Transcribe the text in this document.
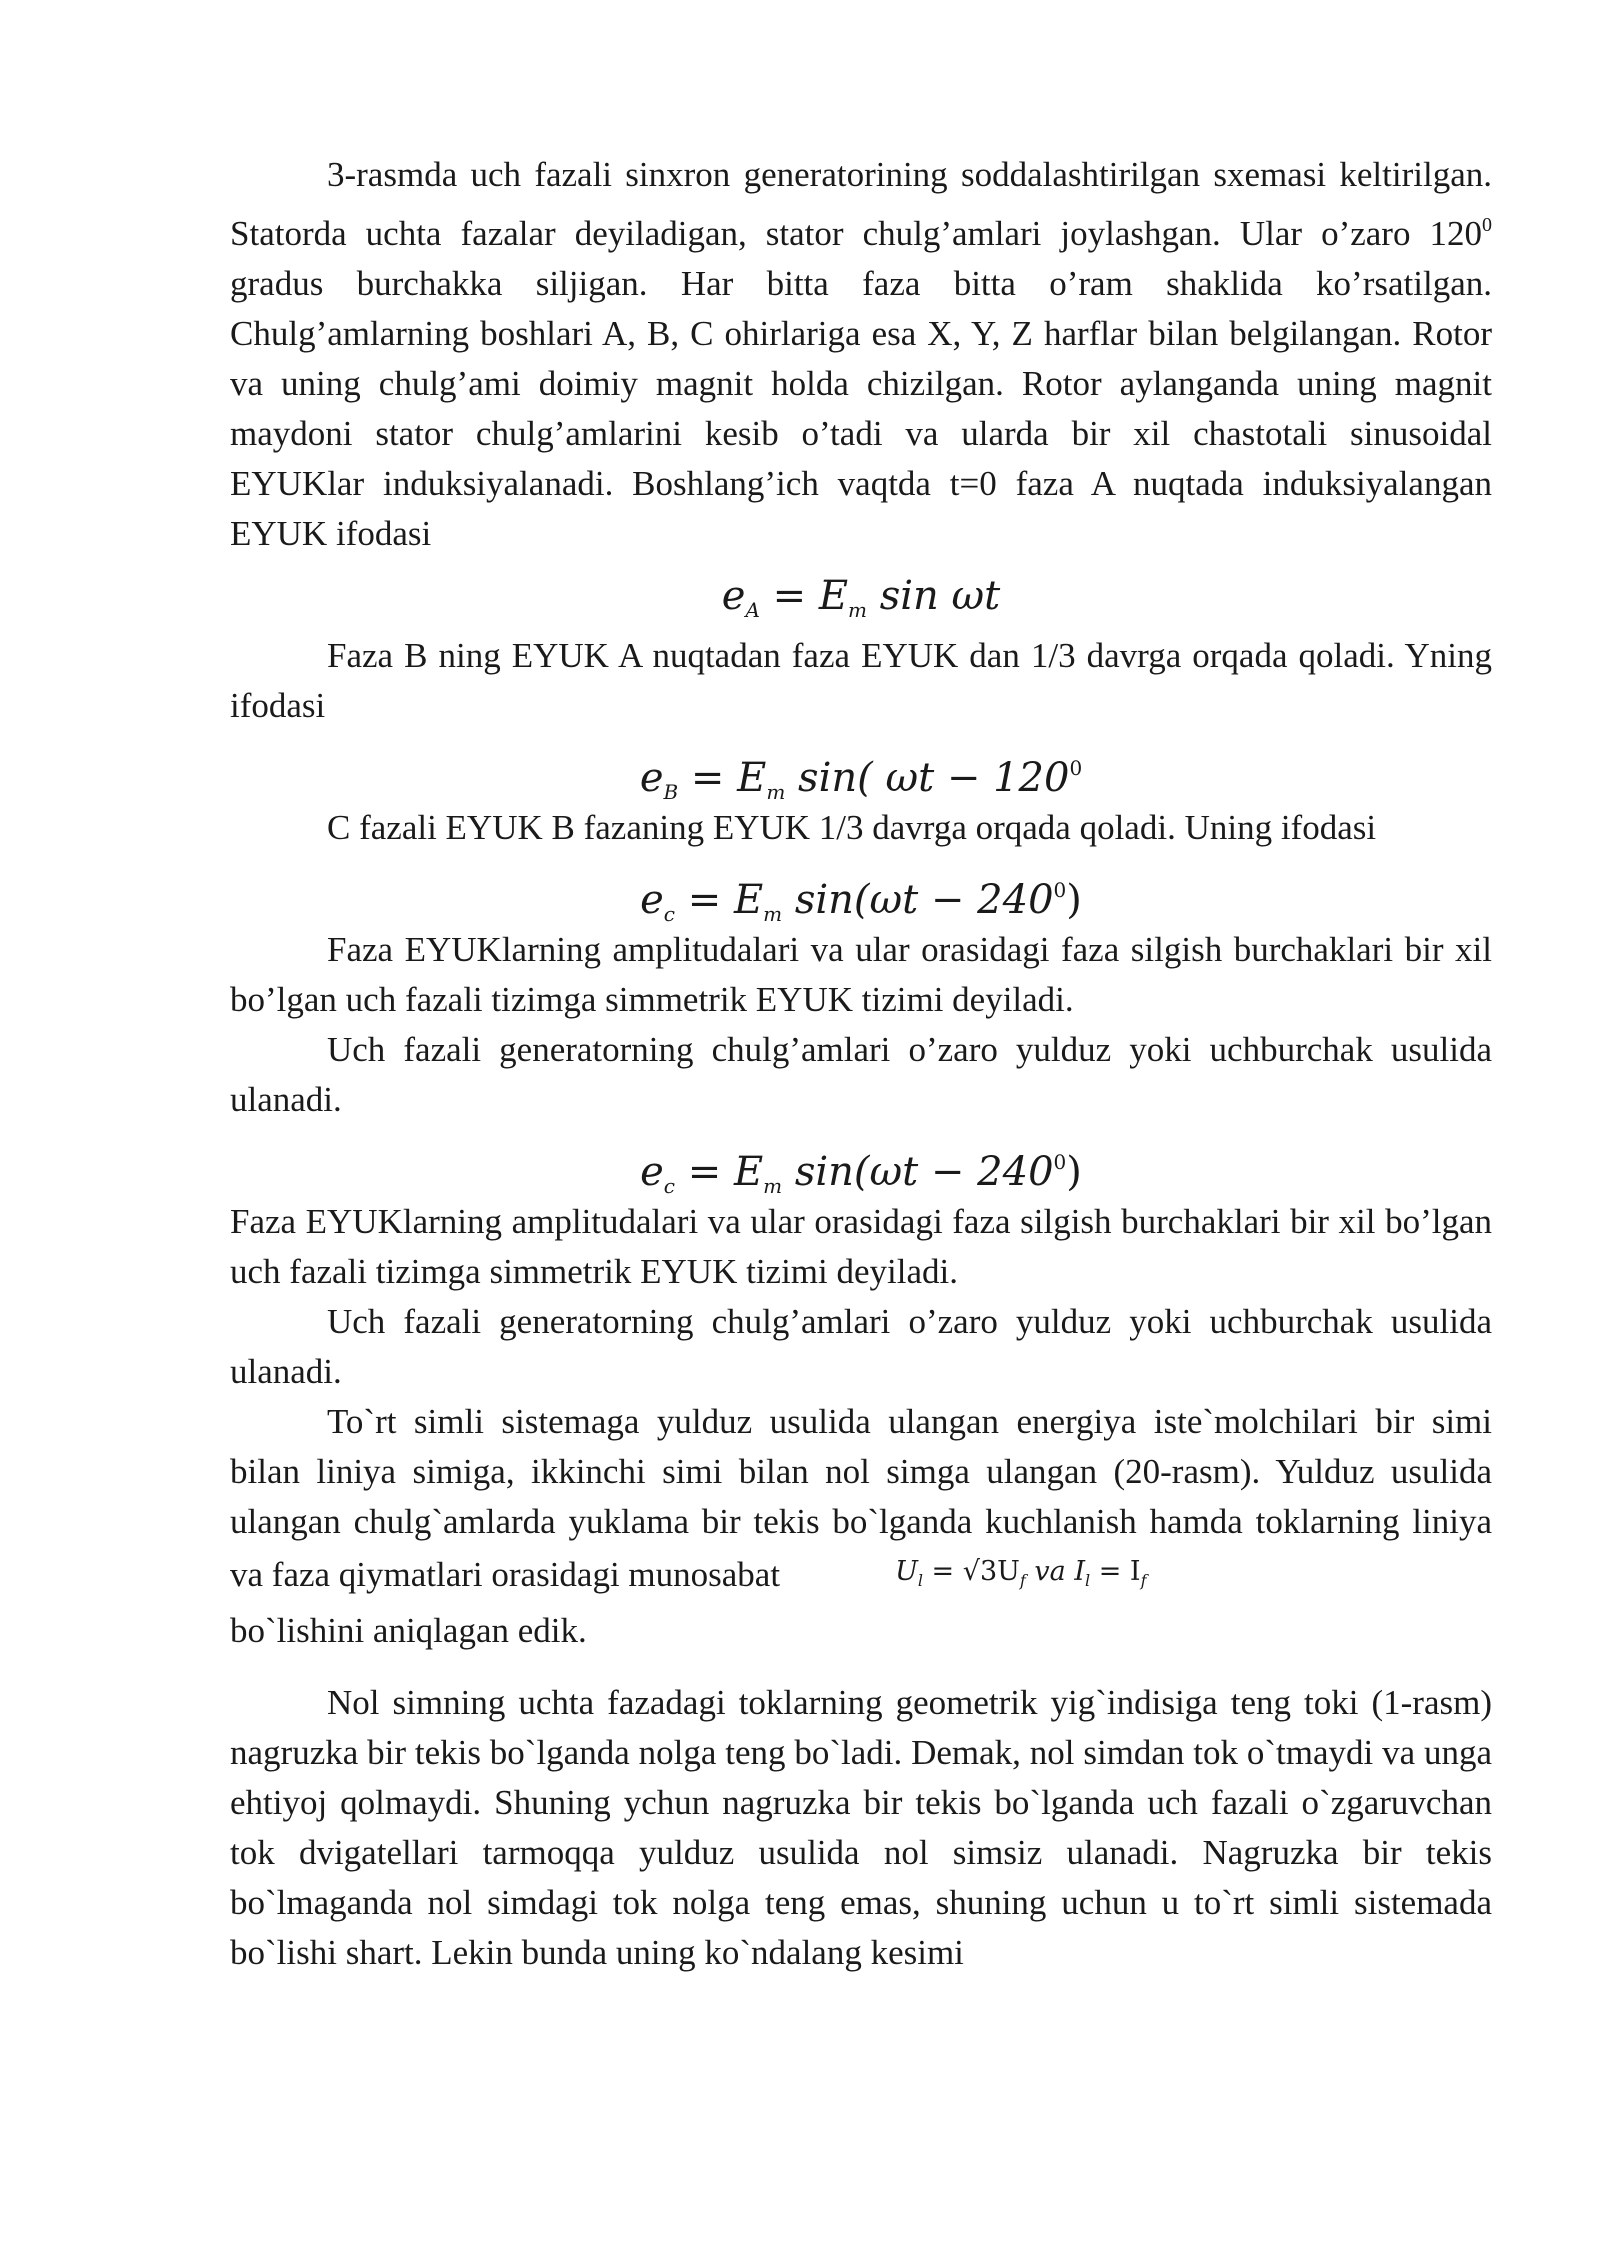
3-rasmda uch fazali sinxron generatorining soddalashtirilgan sxemasi keltirilgan. Statorda uchta fazalar deyiladigan, stator chulg’amlari joylashgan. Ular o’zaro $120^0$ gradus burchakka siljigan. Har bitta faza bitta o’ram shaklida ko’rsatilgan. Chulg’amlarning boshlari A, B, C ohirlariga esa X, Y, Z harflar bilan belgilangan. Rotor va uning chulg’ami doimiy magnit holda chizilgan. Rotor aylanganda uning magnit maydoni stator chulg’amlarini kesib o’tadi va ularda bir xil chastotali sinusoidal EYUKlar induksiyalanadi. Boshlang’ich vaqtda t=0 faza A nuqtada induksiyalangan EYUK ifodasi

$e_A = E_m$ sin ωt

Faza B ning EYUK A nuqtadan faza EYUK dan 1/3 davrga orqada qoladi. Yning ifodasi

$e_B = E_m$ sin( $\omega t - 120^0$

C fazali EYUK B fazaning EYUK 1/3 davrga orqada qoladi. Uning ifodasi

$e_c = E_m$ $\sin(\omega t - 240^0)$

Faza EYUKlarning amplitudalari va ular orasidagi faza silgish burchaklari bir xil bo’lgan uch fazali tizimga simmetrik EYUK tizimi deyiladi.

Uch fazali generatorning chulg’amlari o’zaro yulduz yoki uchburchak usulida ulanadi.

$e_c = E_m$ $\sin(\omega t - 240^0)$

Faza EYUKlarning amplitudalari va ular orasidagi faza silgish burchaklari bir xil bo’lgan uch fazali tizimga simmetrik EYUK tizimi deyiladi.

Uch fazali generatorning chulg’amlari o’zaro yulduz yoki uchburchak usulida ulanadi.

To`rt simli sistemaga yulduz usulida ulangan energiya iste`molchilari bir simi bilan liniya simiga, ikkinchi simi bilan nol simga ulangan (20-rasm). Yulduz usulida ulangan chulg`amlarda yuklama bir tekis bo`lganda kuchlanish hamda toklarning liniya va faza qiymatlari orasidagi munosabat	$U_l = √3U_f$ va $I_l = I_f$

bo`lishini aniqlagan edik.

Nol simning uchta fazadagi toklarning geometrik yig`indisiga teng toki (1-rasm) nagruzka bir tekis bo`lganda nolga teng bo`ladi. Demak, nol simdan tok o`tmaydi va unga ehtiyoj qolmaydi. Shuning ychun nagruzka bir tekis bo`lganda uch fazali o`zgaruvchan tok dvigatellari tarmoqqa yulduz usulida nol simsiz ulanadi. Nagruzka bir tekis bo`lmaganda nol simdagi tok nolga teng emas, shuning uchun u to`rt simli sistemada bo`lishi shart. Lekin bunda uning ko`ndalang kesimi
